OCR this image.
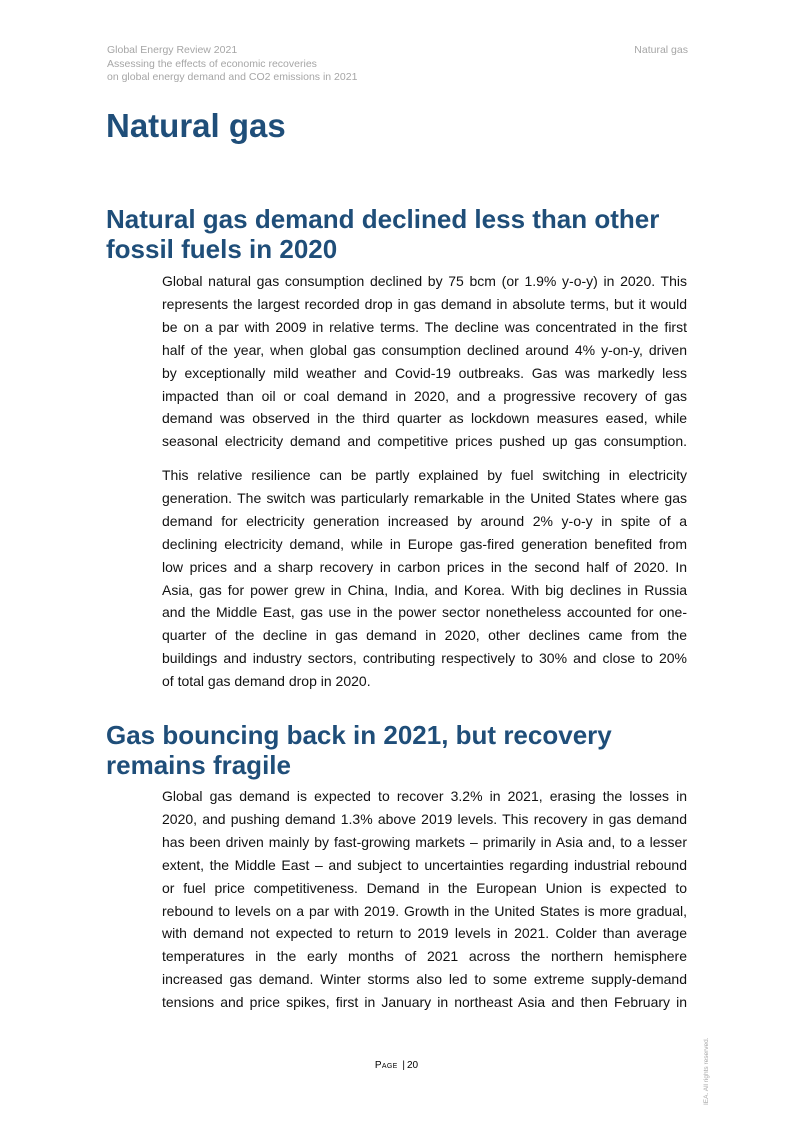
Global Energy Review 2021
Assessing the effects of economic recoveries
on global energy demand and CO2 emissions in 2021
Natural gas
Natural gas
Natural gas demand declined less than other
fossil fuels in 2020
Global natural gas consumption declined by 75 bcm (or 1.9% y-o-y) in 2020. This
represents the largest recorded drop in gas demand in absolute terms, but it would
be on a par with 2009 in relative terms. The decline was concentrated in the first
half of the year, when global gas consumption declined around 4% y-on-y, driven
by exceptionally mild weather and Covid-19 outbreaks. Gas was markedly less
impacted than oil or coal demand in 2020, and a progressive recovery of gas
demand was observed in the third quarter as lockdown measures eased, while
seasonal electricity demand and competitive prices pushed up gas consumption.
This relative resilience can be partly explained by fuel switching in electricity
generation. The switch was particularly remarkable in the United States where gas
demand for electricity generation increased by around 2% y-o-y in spite of a
declining electricity demand, while in Europe gas-fired generation benefited from
low prices and a sharp recovery in carbon prices in the second half of 2020. In
Asia, gas for power grew in China, India, and Korea. With big declines in Russia
and the Middle East, gas use in the power sector nonetheless accounted for one-
quarter of the decline in gas demand in 2020, other declines came from the
buildings and industry sectors, contributing respectively to 30% and close to 20%
of total gas demand drop in 2020.
Gas bouncing back in 2021, but recovery
remains fragile
Global gas demand is expected to recover 3.2% in 2021, erasing the losses in
2020, and pushing demand 1.3% above 2019 levels. This recovery in gas demand
has been driven mainly by fast-growing markets – primarily in Asia and, to a lesser
extent, the Middle East – and subject to uncertainties regarding industrial rebound
or fuel price competitiveness. Demand in the European Union is expected to
rebound to levels on a par with 2019. Growth in the United States is more gradual,
with demand not expected to return to 2019 levels in 2021. Colder than average
temperatures in the early months of 2021 across the northern hemisphere
increased gas demand. Winter storms also led to some extreme supply-demand
tensions and price spikes, first in January in northeast Asia and then February in
Page | 20	IEA. All rights reserved.
